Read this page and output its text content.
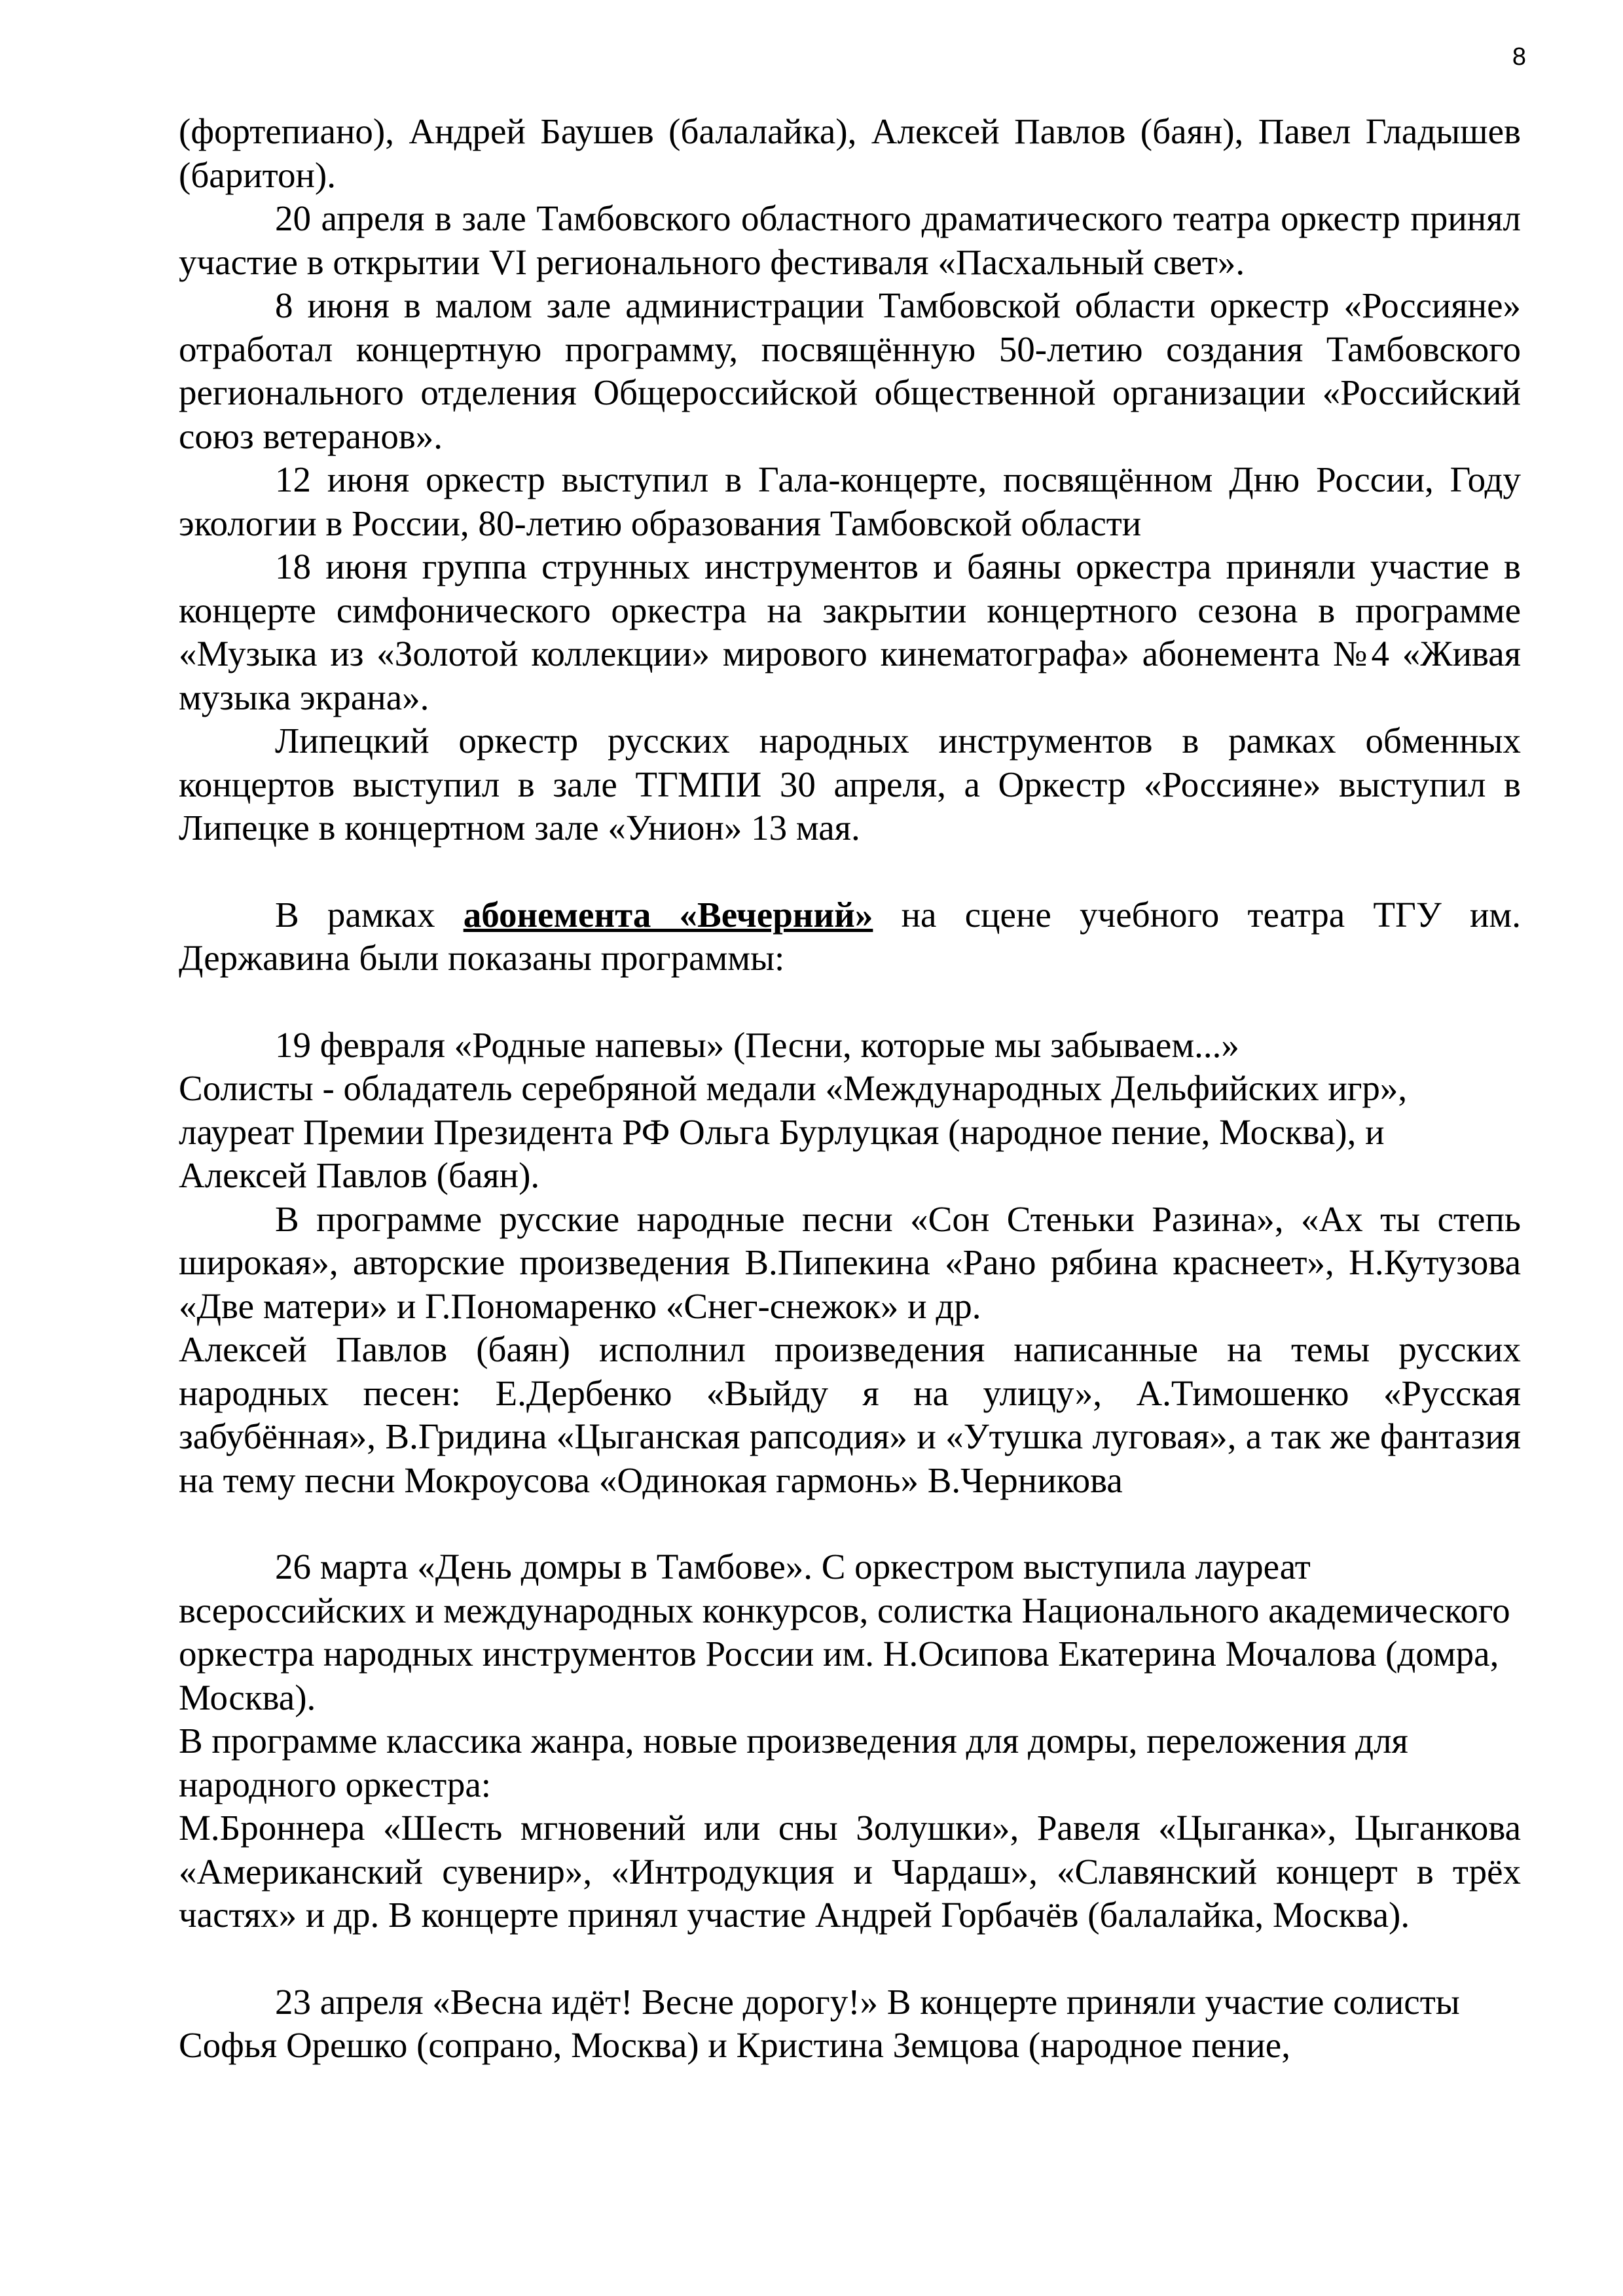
8

(фортепиано), Андрей Баушев (балалайка), Алексей Павлов (баян), Павел Гладышев (баритон).

20 апреля в зале Тамбовского областного драматического театра оркестр принял участие в открытии VI регионального фестиваля «Пасхальный свет».

8 июня в малом зале администрации Тамбовской области оркестр «Россияне» отработал концертную программу, посвящённую 50-летию создания Тамбовского регионального отделения Общероссийской общественной организации «Российский союз ветеранов».

12 июня оркестр выступил в Гала-концерте, посвящённом Дню России, Году экологии в России, 80-летию образования Тамбовской области

18 июня группа струнных инструментов и баяны оркестра приняли участие в концерте симфонического оркестра на закрытии концертного сезона в программе «Музыка из «Золотой коллекции» мирового кинематографа» абонемента №4 «Живая музыка экрана».

Липецкий оркестр русских народных инструментов в рамках обменных концертов выступил в зале ТГМПИ 30 апреля, а Оркестр «Россияне» выступил в Липецке в концертном зале «Унион» 13 мая.

В рамках абонемента «Вечерний» на сцене учебного театра ТГУ им. Державина были показаны программы:

19 февраля «Родные напевы» (Песни, которые мы забываем...»

Солисты - обладатель серебряной медали «Международных Дельфийских игр», лауреат Премии Президента РФ Ольга Бурлуцкая (народное пение, Москва), и Алексей Павлов (баян).

В программе русские народные песни «Сон Стеньки Разина», «Ах ты степь широкая», авторские произведения В.Пипекина «Рано рябина краснеет», Н.Кутузова «Две матери» и Г.Пономаренко «Снег-снежок» и др.

Алексей Павлов (баян) исполнил произведения написанные на темы русских народных песен: Е.Дербенко «Выйду я на улицу», А.Тимошенко «Русская забубённая», В.Гридина «Цыганская рапсодия» и «Утушка луговая», а так же фантазия на тему песни Мокроусова «Одинокая гармонь» В.Черникова

26 марта «День домры в Тамбове». С оркестром выступила лауреат всероссийских и международных конкурсов, солистка Национального академического оркестра народных инструментов России им. Н.Осипова Екатерина Мочалова (домра, Москва).

В программе классика жанра, новые произведения для домры, переложения для народного оркестра:

М.Броннера «Шесть мгновений или сны Золушки», Равеля «Цыганка», Цыганкова «Американский сувенир», «Интродукция и Чардаш», «Славянский концерт в трёх частях» и др. В концерте принял участие Андрей Горбачёв (балалайка, Москва).

23 апреля «Весна идёт! Весне дорогу!» В концерте приняли участие солисты Софья Орешко (сопрано, Москва) и Кристина Земцова (народное пение,
